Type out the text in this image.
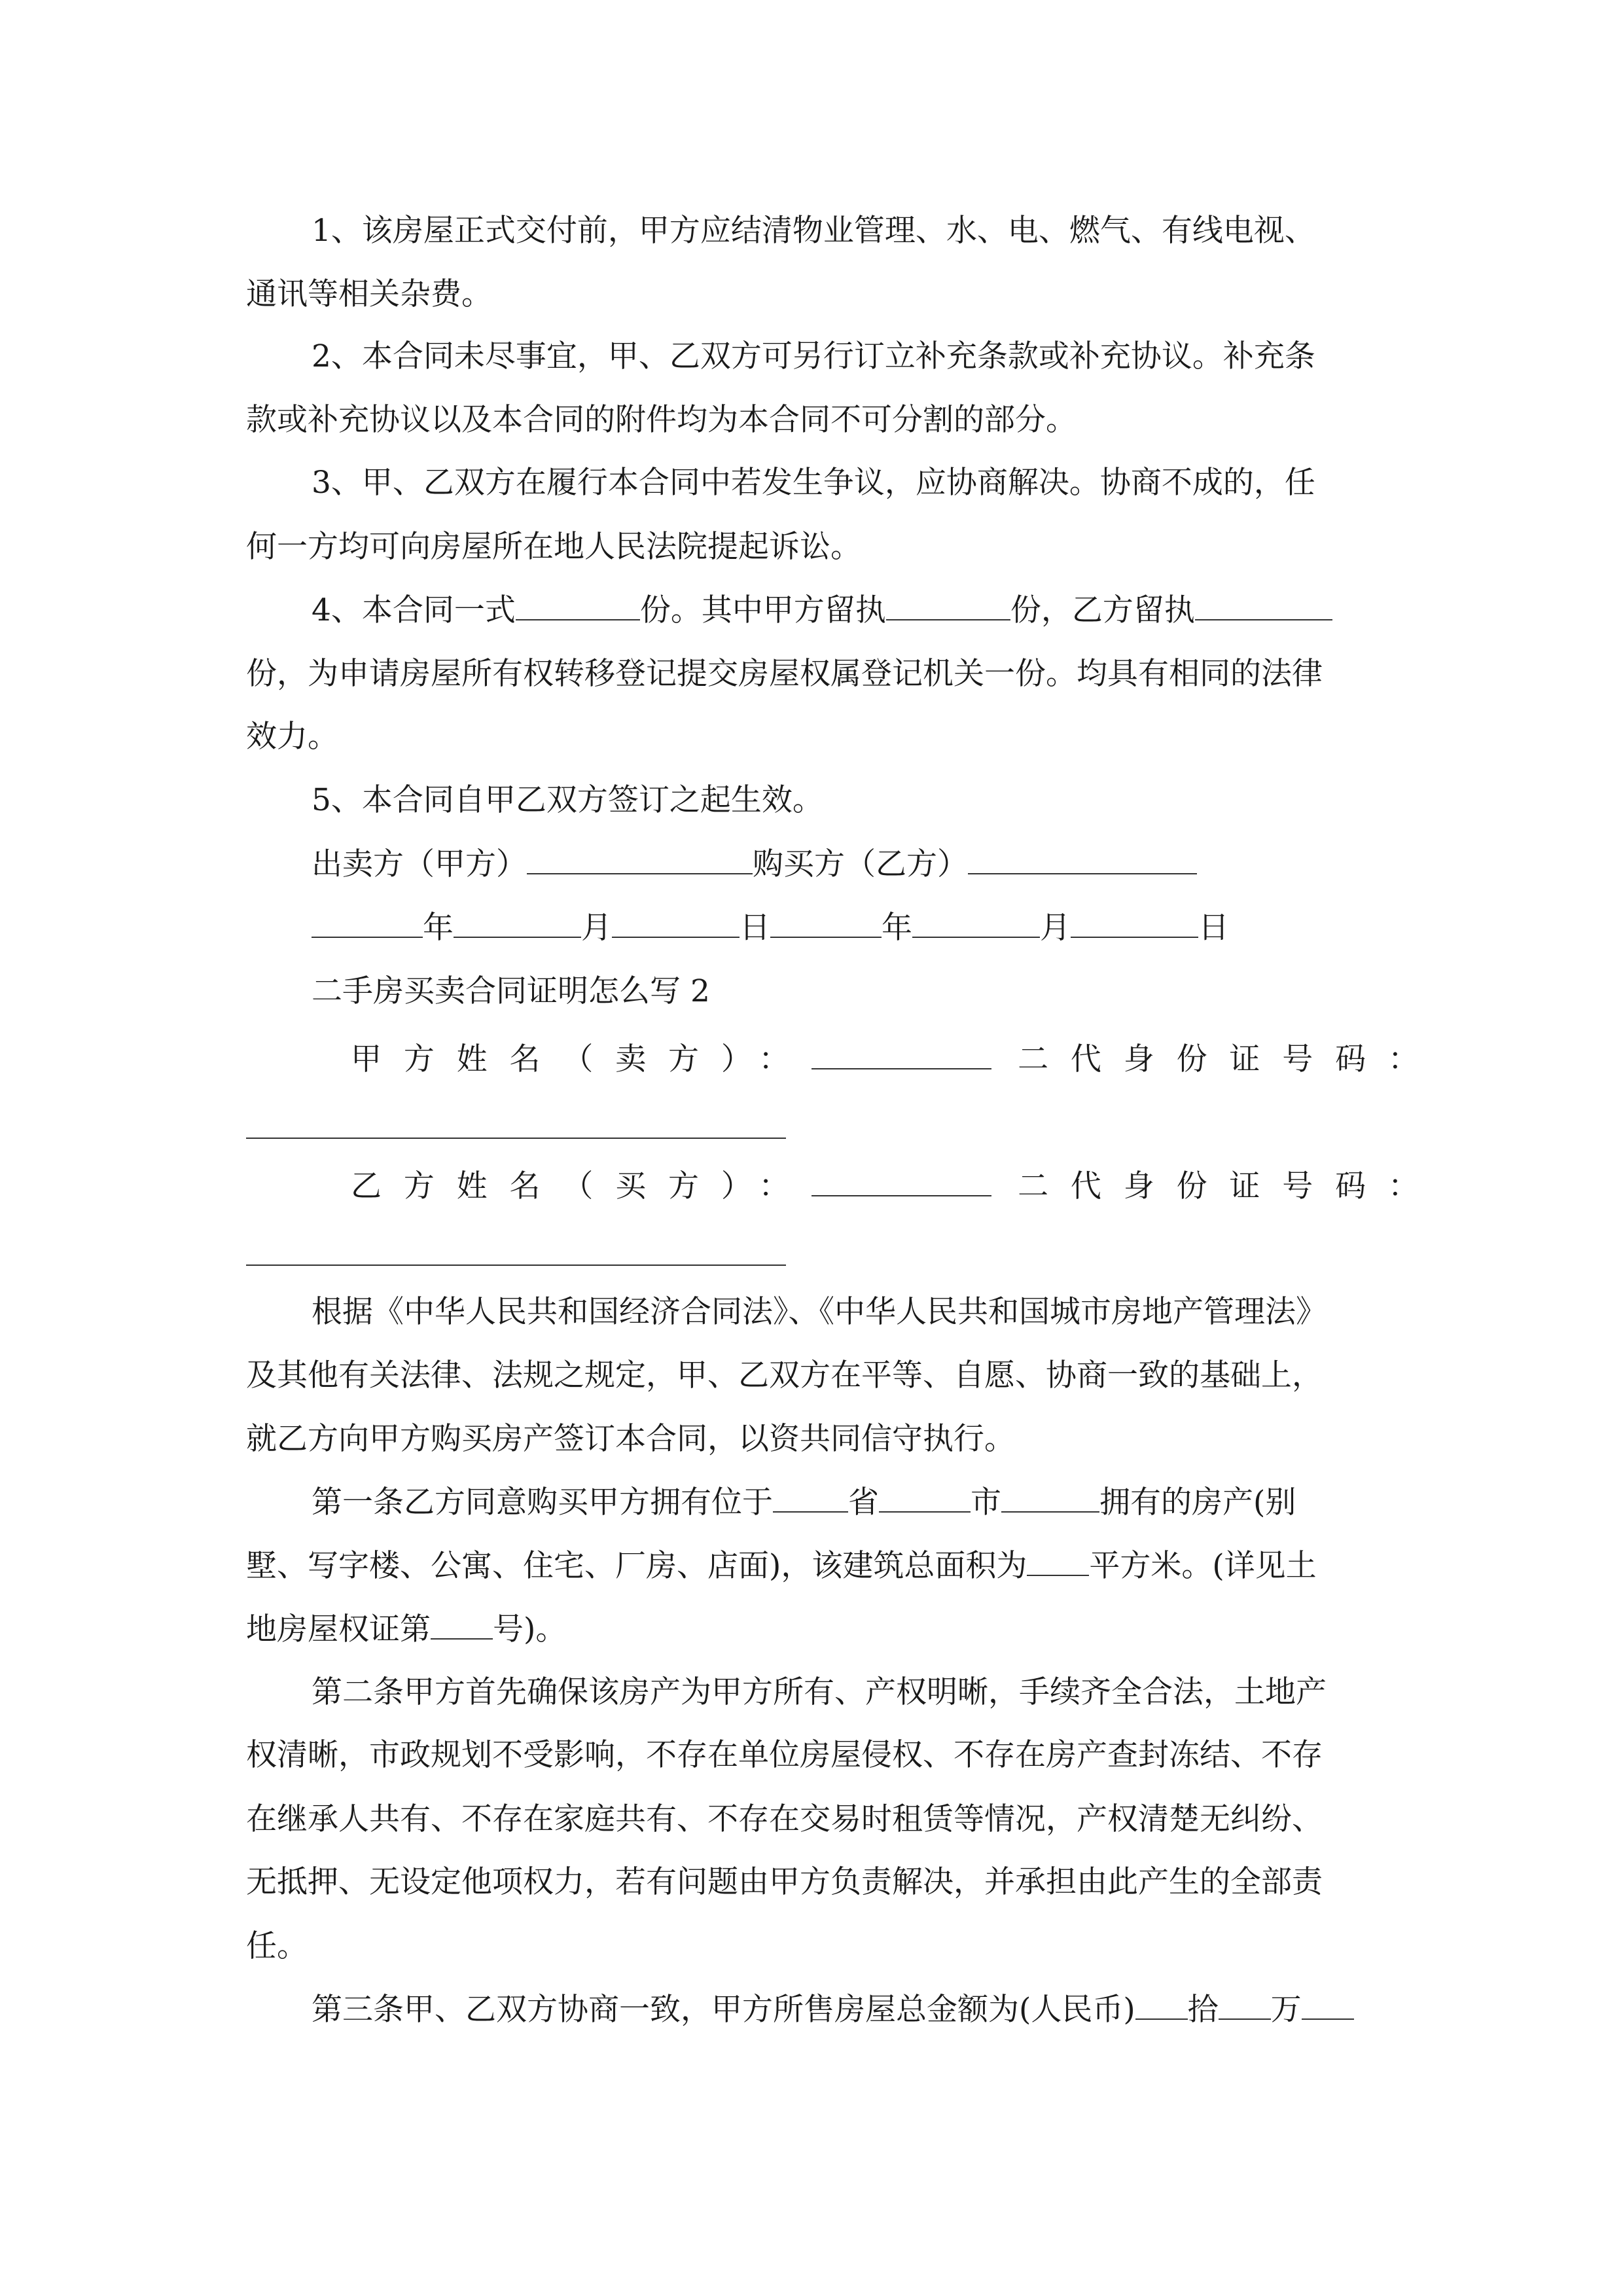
1、该房屋正式交付前，甲方应结清物业管理、水、电、燃气、有线电视、
通讯等相关杂费。
2、本合同未尽事宜，甲、乙双方可另行订立补充条款或补充协议。补充条
款或补充协议以及本合同的附件均为本合同不可分割的部分。
3、甲、乙双方在履行本合同中若发生争议，应协商解决。协商不成的，任
何一方均可向房屋所在地人民法院提起诉讼。
4、本合同一式	份。其中甲方留执	份，乙方留执
份，为申请房屋所有权转移登记提交房屋权属登记机关一份。均具有相同的法律
效力。
5、本合同自甲乙双方签订之起生效。
出卖方（甲方）	购买方（乙方）
年	月	日	年	月	日
二手房买卖合同证明怎么写 2
甲方姓名（卖方）：	二代身份证号码：
乙方姓名（买方）：	二代身份证号码：
根据《中华人民共和国经济合同法》、《中华人民共和国城市房地产管理法》
及其他有关法律、法规之规定，甲、乙双方在平等、自愿、协商一致的基础上，
就乙方向甲方购买房产签订本合同，以资共同信守执行。
第一条乙方同意购买甲方拥有位于 省	市	拥有的房产(别
墅、写字楼、公寓、住宅、厂房、店面)，该建筑总面积为 平方米。(详见土
地房屋权证第 号)。
第二条甲方首先确保该房产为甲方所有、产权明晰，手续齐全合法，土地产
权清晰，市政规划不受影响，不存在单位房屋侵权、不存在房产查封冻结、不存
在继承人共有、不存在家庭共有、不存在交易时租赁等情况，产权清楚无纠纷、
无抵押、无设定他项权力，若有问题由甲方负责解决，并承担由此产生的全部责
任。
第三条甲、乙双方协商一致，甲方所售房屋总金额为(人民币) 拾 万
